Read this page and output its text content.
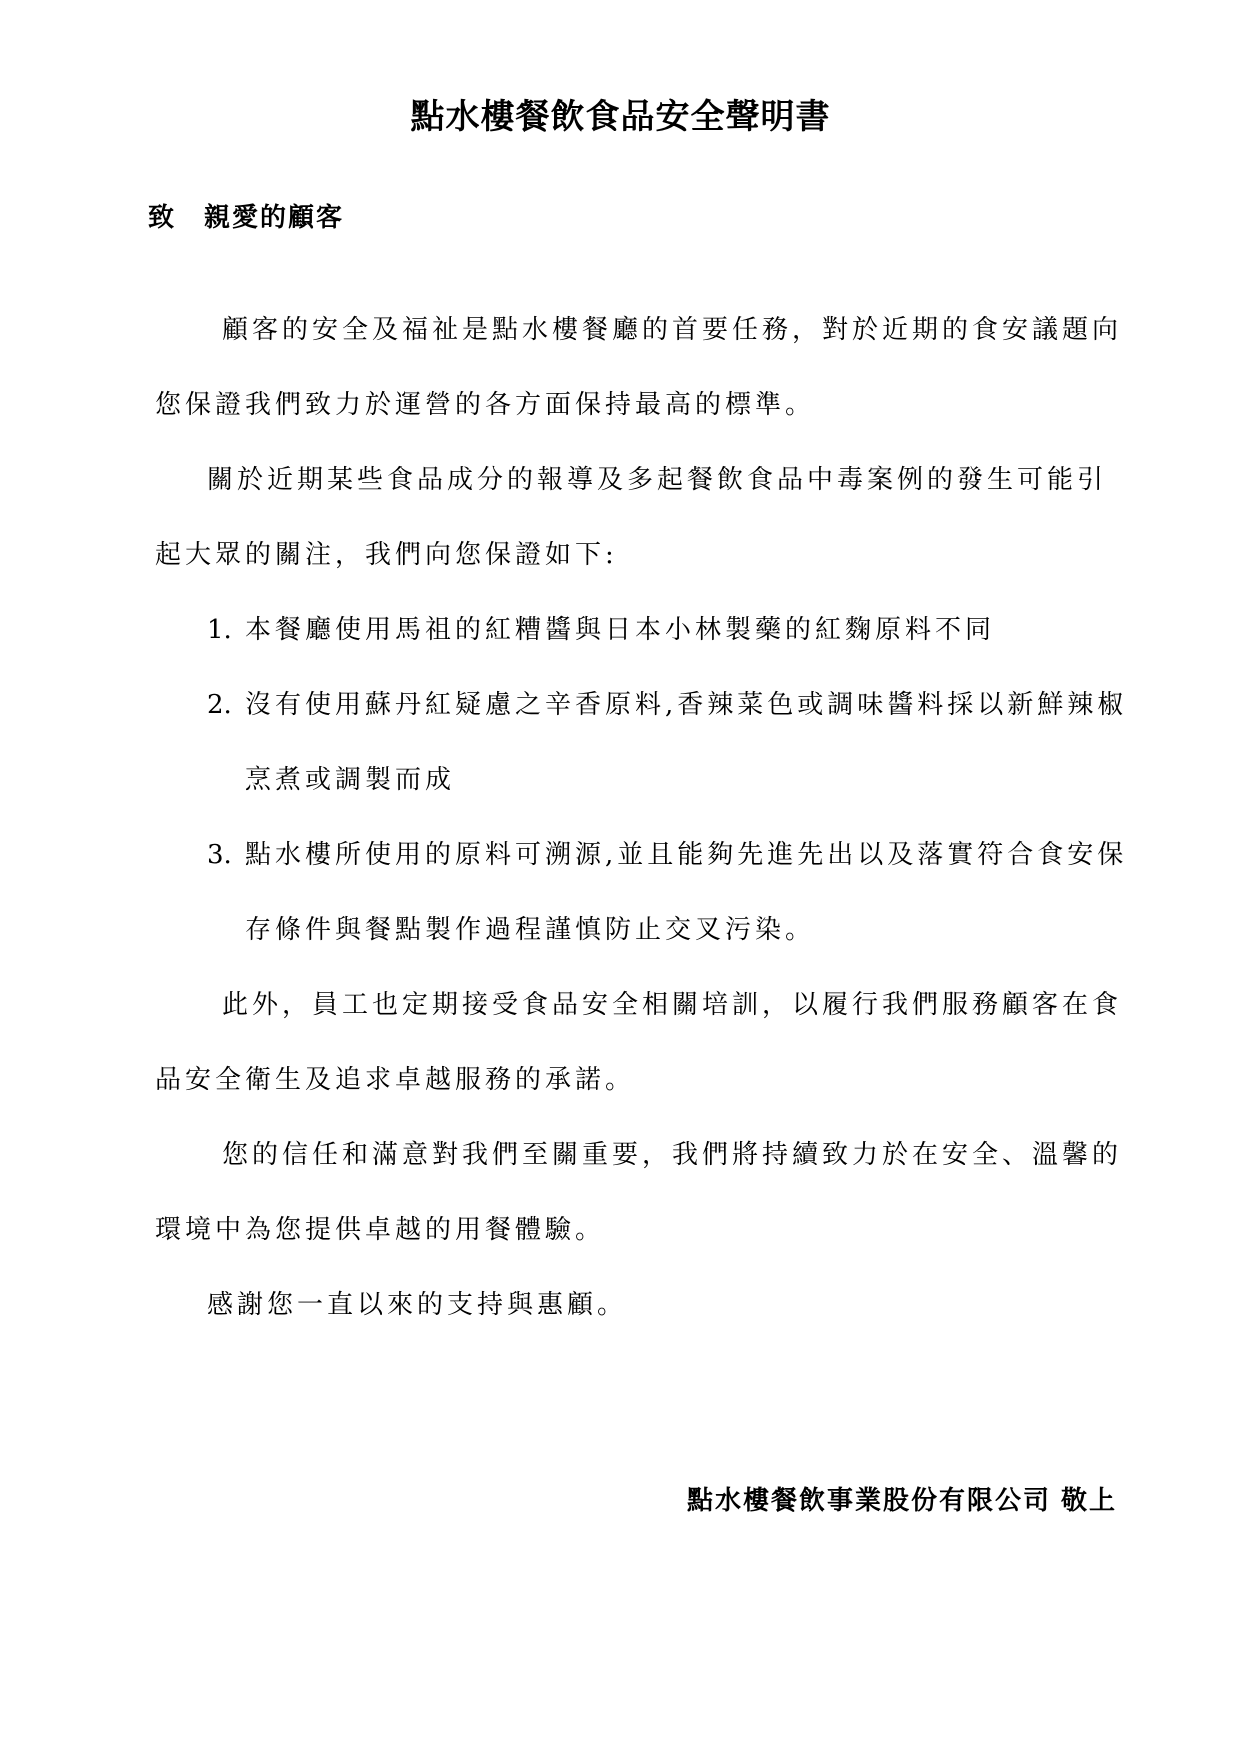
點水樓餐飲食品安全聲明書

致 親愛的顧客

顧客的安全及福祉是點水樓餐廳的首要任務，對於近期的食安議題向

您保證我們致力於運營的各方面保持最高的標準。

關於近期某些食品成分的報導及多起餐飲食品中毒案例的發生可能引

起大眾的關注，我們向您保證如下:

1. 本餐廳使用馬祖的紅糟醬與日本小林製藥的紅麴原料不同

2. 沒有使用蘇丹紅疑慮之辛香原料,香辣菜色或調味醬料採以新鮮辣椒

烹煮或調製而成

3. 點水樓所使用的原料可溯源,並且能夠先進先出以及落實符合食安保

存條件與餐點製作過程謹慎防止交叉污染。

此外，員工也定期接受食品安全相關培訓，以履行我們服務顧客在食

品安全衛生及追求卓越服務的承諾。

您的信任和滿意對我們至關重要，我們將持續致力於在安全、溫馨的

環境中為您提供卓越的用餐體驗。

感謝您一直以來的支持與惠顧。

點水樓餐飲事業股份有限公司 敬上
